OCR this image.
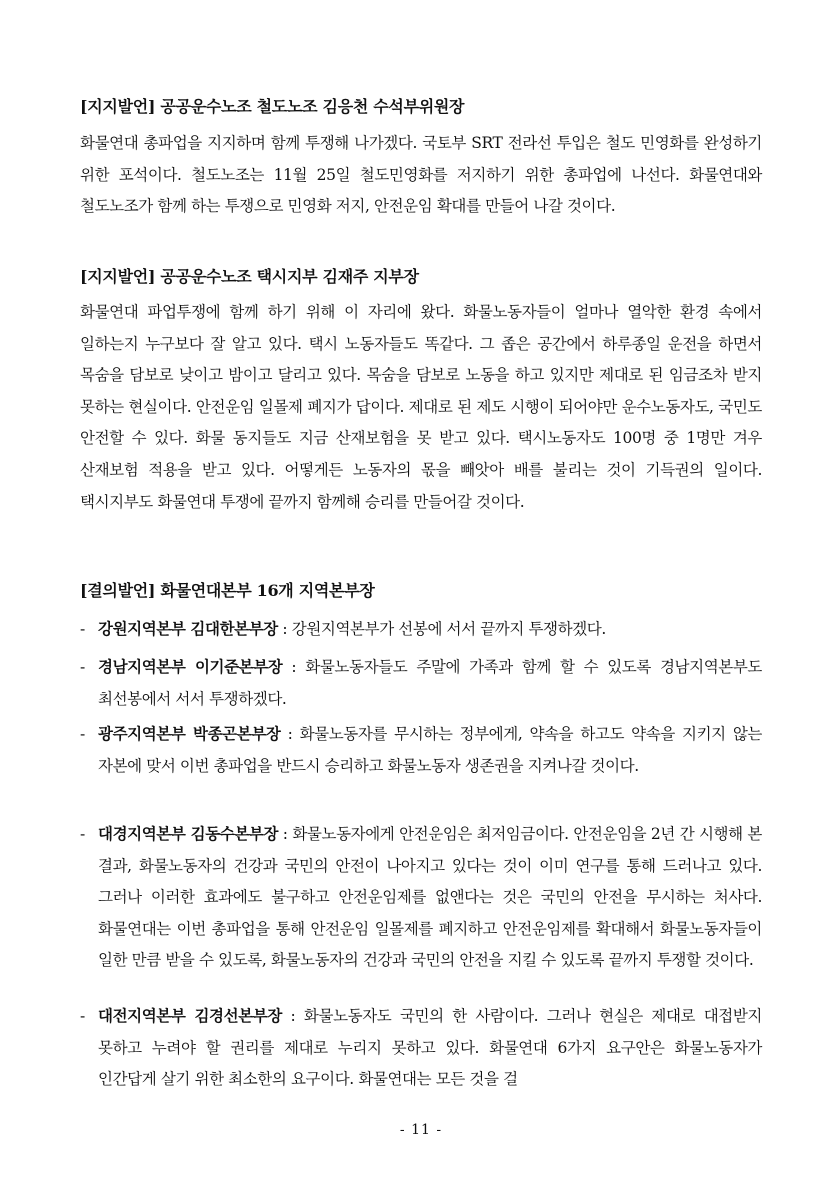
[지지발언] 공공운수노조 철도노조 김응천 수석부위원장
화물연대 총파업을 지지하며 함께 투쟁해 나가겠다. 국토부 SRT 전라선 투입은 철도 민영화를 완성하기 위한 포석이다. 철도노조는 11월 25일 철도민영화를 저지하기 위한 총파업에 나선다. 화물연대와 철도노조가 함께 하는 투쟁으로 민영화 저지, 안전운임 확대를 만들어 나갈 것이다.
[지지발언] 공공운수노조 택시지부 김재주 지부장
화물연대 파업투쟁에 함께 하기 위해 이 자리에 왔다. 화물노동자들이 얼마나 열악한 환경 속에서 일하는지 누구보다 잘 알고 있다. 택시 노동자들도 똑같다. 그 좁은 공간에서 하루종일 운전을 하면서 목숨을 담보로 낮이고 밤이고 달리고 있다. 목숨을 담보로 노동을 하고 있지만 제대로 된 임금조차 받지 못하는 현실이다. 안전운임 일몰제 폐지가 답이다. 제대로 된 제도 시행이 되어야만 운수노동자도, 국민도 안전할 수 있다. 화물 동지들도 지금 산재보험을 못 받고 있다. 택시노동자도 100명 중 1명만 겨우 산재보험 적용을 받고 있다. 어떻게든 노동자의 몫을 빼앗아 배를 불리는 것이 기득권의 일이다. 택시지부도 화물연대 투쟁에 끝까지 함께해 승리를 만들어갈 것이다.
[결의발언] 화물연대본부 16개 지역본부장
- 강원지역본부 김대한본부장 : 강원지역본부가 선봉에 서서 끝까지 투쟁하겠다.
- 경남지역본부 이기준본부장 : 화물노동자들도 주말에 가족과 함께 할 수 있도록 경남지역본부도 최선봉에서 서서 투쟁하겠다.
- 광주지역본부 박종곤본부장 : 화물노동자를 무시하는 정부에게, 약속을 하고도 약속을 지키지 않는 자본에 맞서 이번 총파업을 반드시 승리하고 화물노동자 생존권을 지켜나갈 것이다.
- 대경지역본부 김동수본부장 : 화물노동자에게 안전운임은 최저임금이다. 안전운임을 2년 간 시행해 본 결과, 화물노동자의 건강과 국민의 안전이 나아지고 있다는 것이 이미 연구를 통해 드러나고 있다. 그러나 이러한 효과에도 불구하고 안전운임제를 없앤다는 것은 국민의 안전을 무시하는 처사다. 화물연대는 이번 총파업을 통해 안전운임 일몰제를 폐지하고 안전운임제를 확대해서 화물노동자들이 일한 만큼 받을 수 있도록, 화물노동자의 건강과 국민의 안전을 지킬 수 있도록 끝까지 투쟁할 것이다.
- 대전지역본부 김경선본부장 : 화물노동자도 국민의 한 사람이다. 그러나 현실은 제대로 대접받지 못하고 누려야 할 권리를 제대로 누리지 못하고 있다. 화물연대 6가지 요구안은 화물노동자가 인간답게 살기 위한 최소한의 요구이다. 화물연대는 모든 것을 걸
- 11 -
